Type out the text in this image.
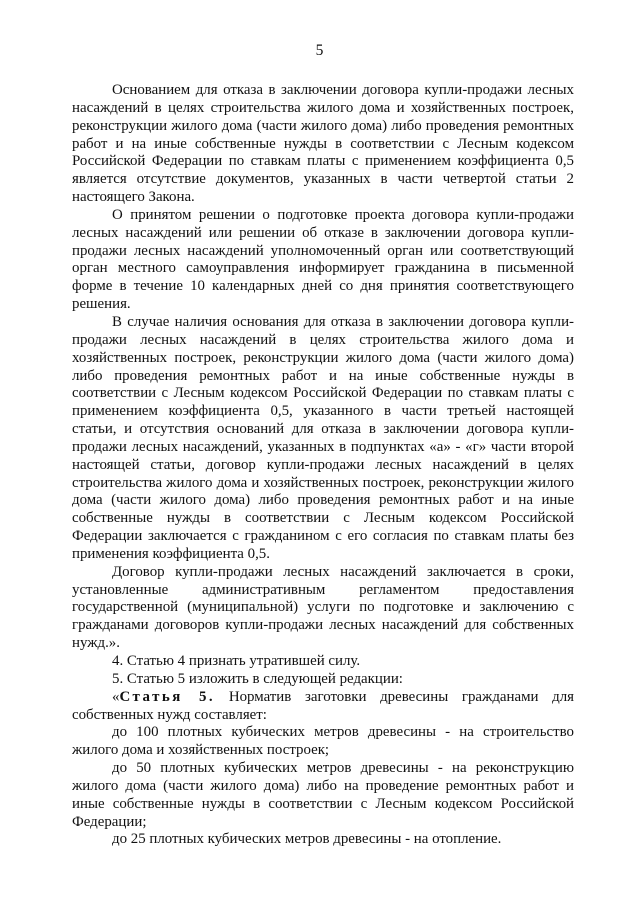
5

Основанием для отказа в заключении договора купли-продажи лесных насаждений в целях строительства жилого дома и хозяйственных построек, реконструкции жилого дома (части жилого дома) либо проведения ремонтных работ и на иные собственные нужды в соответствии с Лесным кодексом Российской Федерации по ставкам платы с применением коэффициента 0,5 является отсутствие документов, указанных в части четвертой статьи 2 настоящего Закона.

О принятом решении о подготовке проекта договора купли-продажи лесных насаждений или решении об отказе в заключении договора купли-продажи лесных насаждений уполномоченный орган или соответствующий орган местного самоуправления информирует гражданина в письменной форме в течение 10 календарных дней со дня принятия соответствующего решения.

В случае наличия основания для отказа в заключении договора купли-продажи лесных насаждений в целях строительства жилого дома и хозяйственных построек, реконструкции жилого дома (части жилого дома) либо проведения ремонтных работ и на иные собственные нужды в соответствии с Лесным кодексом Российской Федерации по ставкам платы с применением коэффициента 0,5, указанного в части третьей настоящей статьи, и отсутствия оснований для отказа в заключении договора купли-продажи лесных насаждений, указанных в подпунктах «а» - «г» части второй настоящей статьи, договор купли-продажи лесных насаждений в целях строительства жилого дома и хозяйственных построек, реконструкции жилого дома (части жилого дома) либо проведения ремонтных работ и на иные собственные нужды в соответствии с Лесным кодексом Российской Федерации заключается с гражданином с его согласия по ставкам платы без применения коэффициента 0,5.

Договор купли-продажи лесных насаждений заключается в сроки, установленные административным регламентом предоставления государственной (муниципальной) услуги по подготовке и заключению с гражданами договоров купли-продажи лесных насаждений для собственных нужд.».

4. Статью 4 признать утратившей силу.

5. Статью 5 изложить в следующей редакции:

«Статья 5. Норматив заготовки древесины гражданами для собственных нужд составляет:

до 100 плотных кубических метров древесины - на строительство жилого дома и хозяйственных построек;

до 50 плотных кубических метров древесины - на реконструкцию жилого дома (части жилого дома) либо на проведение ремонтных работ и иные собственные нужды в соответствии с Лесным кодексом Российской Федерации;

до 25 плотных кубических метров древесины - на отопление.
